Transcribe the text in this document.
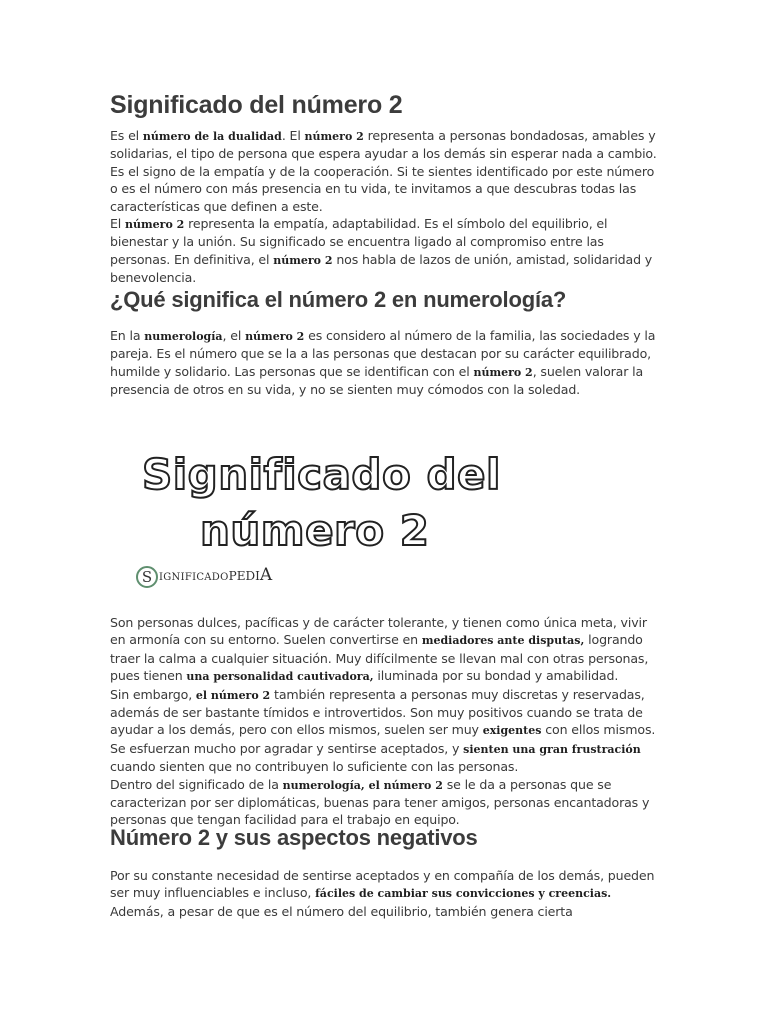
Significado del número 2
Es el número de la dualidad. El número 2 representa a personas bondadosas, amables y solidarias, el tipo de persona que espera ayudar a los demás sin esperar nada a cambio. Es el signo de la empatía y de la cooperación. Si te sientes identificado por este número o es el número con más presencia en tu vida, te invitamos a que descubras todas las características que definen a este.
El número 2 representa la empatía, adaptabilidad. Es el símbolo del equilibrio, el bienestar y la unión. Su significado se encuentra ligado al compromiso entre las personas. En definitiva, el número 2 nos habla de lazos de unión, amistad, solidaridad y benevolencia.
¿Qué significa el número 2 en numerología?
En la numerología, el número 2 es considero al número de la familia, las sociedades y la pareja. Es el número que se la a las personas que destacan por su carácter equilibrado, humilde y solidario. Las personas que se identifican con el número 2, suelen valorar la presencia de otros en su vida, y no se sienten muy cómodos con la soledad.
Significado del
número 2
S IGNIFICADOPEDIA
Son personas dulces, pacíficas y de carácter tolerante, y tienen como única meta, vivir en armonía con su entorno. Suelen convertirse en mediadores ante disputas, logrando traer la calma a cualquier situación. Muy difícilmente se llevan mal con otras personas, pues tienen una personalidad cautivadora, iluminada por su bondad y amabilidad.
Sin embargo, el número 2 también representa a personas muy discretas y reservadas, además de ser bastante tímidos e introvertidos. Son muy positivos cuando se trata de ayudar a los demás, pero con ellos mismos, suelen ser muy exigentes con ellos mismos. Se esfuerzan mucho por agradar y sentirse aceptados, y sienten una gran frustración cuando sienten que no contribuyen lo suficiente con las personas.
Dentro del significado de la numerología, el número 2 se le da a personas que se caracterizan por ser diplomáticas, buenas para tener amigos, personas encantadoras y personas que tengan facilidad para el trabajo en equipo.
Número 2 y sus aspectos negativos
Por su constante necesidad de sentirse aceptados y en compañía de los demás, pueden ser muy influenciables e incluso, fáciles de cambiar sus convicciones y creencias. Además, a pesar de que es el número del equilibrio, también genera cierta
